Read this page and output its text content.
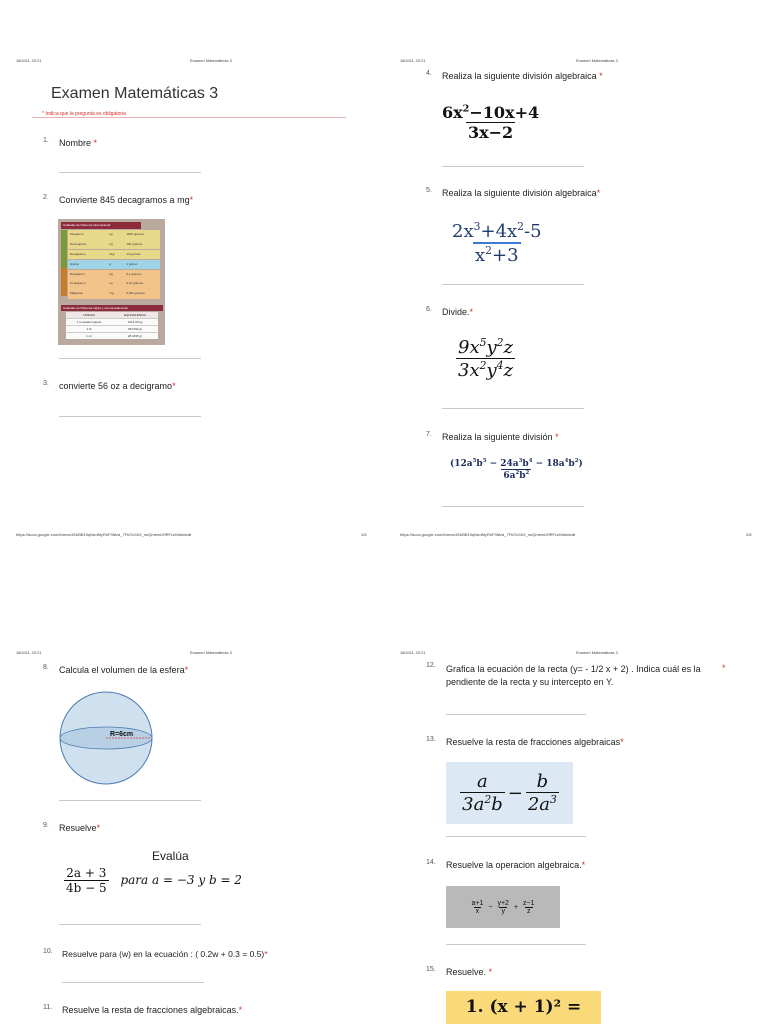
18/4/24, 23:21	Examen Matemáticas 3
Examen Matemáticas 3
* Indica que la pregunta es obligatoria
1. Nombre *
2. Convierte 845 decagramos a mg*
Unidades del Sistema Internacional
Kilogramo	kg	1000 gramos
Hectogramo	hg	100 gramos
Decagramo	dag	10 gramos
Gramo	g	1 gramo
Decigramo	dg	0,1 gramos
Centigramo	cg	0,01 gramos
Miligramo	mg	0,001 gramos
Unidades del Sistema Inglés y sus equivalencias
UNIDAD	EQUIVALENCIA
1 tonelada inglesa	1016,05 kg
1 lb	453,592 gr
1 oz	28,3495 gr
3. convierte 56 oz a decigramo*
https://docs.google.com/forms/d/1bBB10qNedMyReF3Mxd_7FkSX4hX_nuQmewUHRFLeMdw/edit	1/6
18/4/24, 23:21	Examen Matemáticas 3
4. Realiza la siguiente división algebraica *
$\frac{6x^2-10x+4}{3x-2}$
5. Realiza la siguiente división algebraica*
$\frac{2x^3+4x^2-5}{x^2+3}$
6. Divide.*
$\frac{9x^5y^2z}{3x^2y^4z}$
7. Realiza la siguiente división *
$\frac{(12a^5b^5 - 24a^3b^4 - 18a^4b^2)}{6a^2b^2}$
https://docs.google.com/forms/d/1bBB10qNedMyReF3Mxd_7FkSX4hX_nuQmewUHRFLeMdw/edit	2/6
18/4/24, 23:21	Examen Matemáticas 3
8. Calcula el volumen de la esfera*
R=6cm
9. Resuelve*
Evalúa
$\frac{2a + 3}{4b - 5}$ para a = −3 y b = 2
10. Resuelve para (w) en la ecuación : ( 0.2w + 0.3 = 0.5)*
11. Resuelve la resta de fracciones algebraicas.*
18/4/24, 23:21	Examen Matemáticas 3
12. Grafica la ecuación de la recta (y= - 1/2 x + 2) . Indica cuál es la pendiente de la recta y su intercepto en Y.
*
13. Resuelve la resta de fracciones algebraicas*
$\frac{a}{3a^2b} - \frac{b}{2a^3}$
14. Resuelve la operacion algebraica.*
$\frac{a+1}{x} - \frac{y+2}{y} + \frac{z-1}{z}$
15. Resuelve. *
1. (x + 1)² =
